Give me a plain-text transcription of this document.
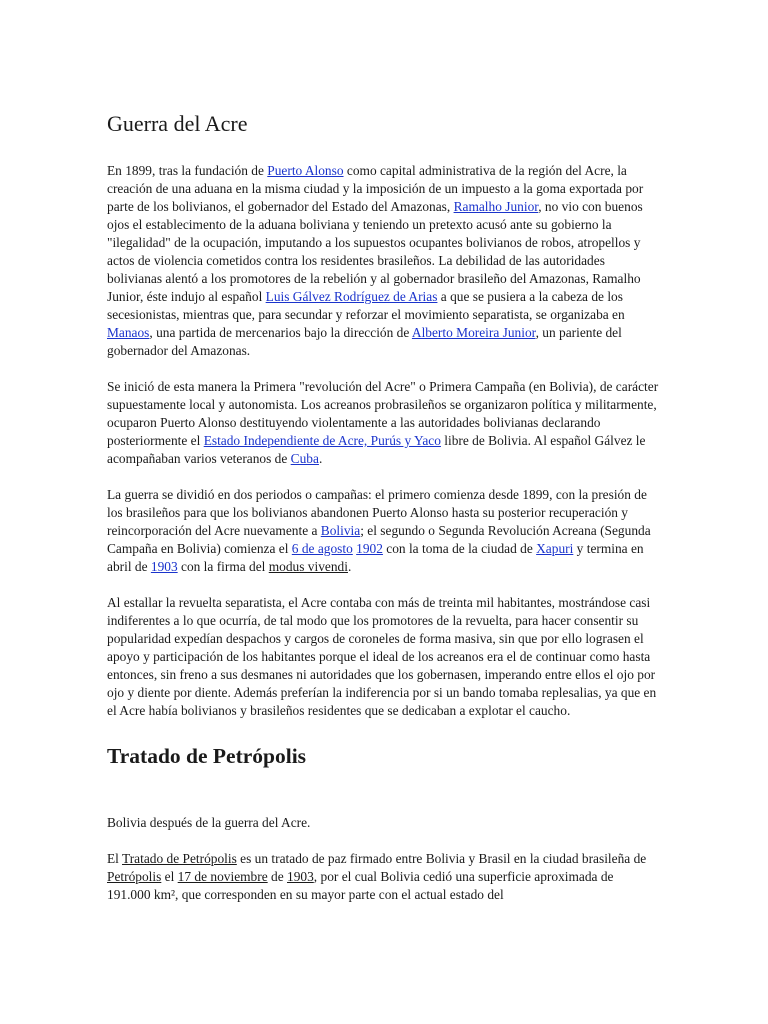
Guerra del Acre

En 1899, tras la fundación de Puerto Alonso como capital administrativa de la región del Acre, la creación de una aduana en la misma ciudad y la imposición de un impuesto a la goma exportada por parte de los bolivianos, el gobernador del Estado del Amazonas, Ramalho Junior, no vio con buenos ojos el establecimento de la aduana boliviana y teniendo un pretexto acusó ante su gobierno la "ilegalidad" de la ocupación, imputando a los supuestos ocupantes bolivianos de robos, atropellos y actos de violencia cometidos contra los residentes brasileños. La debilidad de las autoridades bolivianas alentó a los promotores de la rebelión y al gobernador brasileño del Amazonas, Ramalho Junior, éste indujo al español Luis Gálvez Rodríguez de Arias a que se pusiera a la cabeza de los secesionistas, mientras que, para secundar y reforzar el movimiento separatista, se organizaba en Manaos, una partida de mercenarios bajo la dirección de Alberto Moreira Junior, un pariente del gobernador del Amazonas.

Se inició de esta manera la Primera "revolución del Acre" o Primera Campaña (en Bolivia), de carácter supuestamente local y autonomista. Los acreanos probrasileños se organizaron política y militarmente, ocuparon Puerto Alonso destituyendo violentamente a las autoridades bolivianas declarando posteriormente el Estado Independiente de Acre, Purús y Yaco libre de Bolivia. Al español Gálvez le acompañaban varios veteranos de Cuba.

La guerra se dividió en dos periodos o campañas: el primero comienza desde 1899, con la presión de los brasileños para que los bolivianos abandonen Puerto Alonso hasta su posterior recuperación y reincorporación del Acre nuevamente a Bolivia; el segundo o Segunda Revolución Acreana (Segunda Campaña en Bolivia) comienza el 6 de agosto 1902 con la toma de la ciudad de Xapuri y termina en abril de 1903 con la firma del modus vivendi.

Al estallar la revuelta separatista, el Acre contaba con más de treinta mil habitantes, mostrándose casi indiferentes a lo que ocurría, de tal modo que los promotores de la revuelta, para hacer consentir su popularidad expedían despachos y cargos de coroneles de forma masiva, sin que por ello lograsen el apoyo y participación de los habitantes porque el ideal de los acreanos era el de continuar como hasta entonces, sin freno a sus desmanes ni autoridades que los gobernasen, imperando entre ellos el ojo por ojo y diente por diente. Además preferían la indiferencia por si un bando tomaba replesalias, ya que en el Acre había bolivianos y brasileños residentes que se dedicaban a explotar el caucho.

Tratado de Petrópolis

Bolivia después de la guerra del Acre.

El Tratado de Petrópolis es un tratado de paz firmado entre Bolivia y Brasil en la ciudad brasileña de Petrópolis el 17 de noviembre de 1903, por el cual Bolivia cedió una superficie aproximada de 191.000 km², que corresponden en su mayor parte con el actual estado del
